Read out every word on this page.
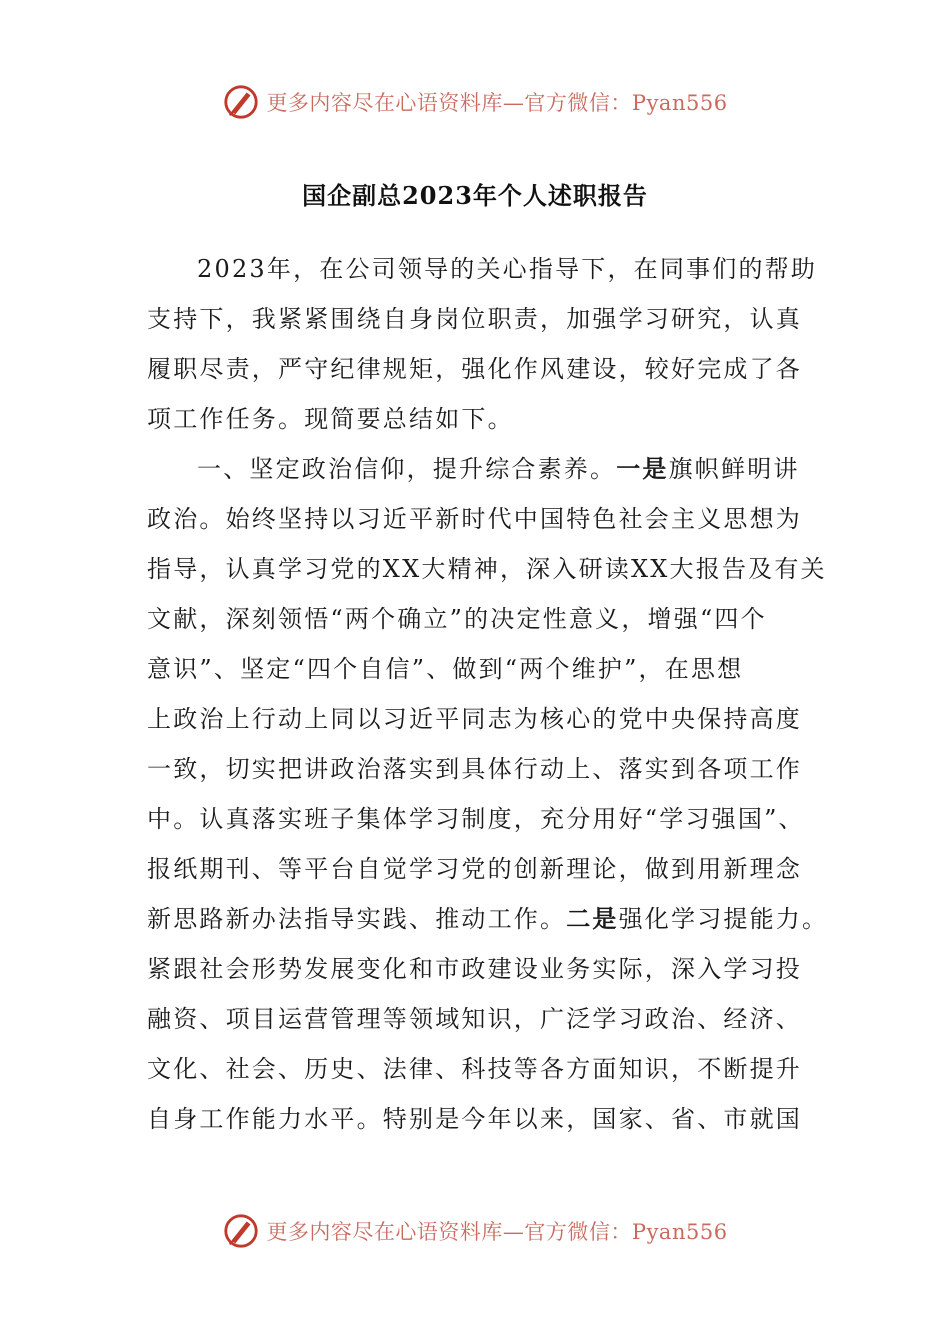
更多内容尽在心语资料库—官方微信：Pyan556
国企副总2023年个人述职报告
2023年，在公司领导的关心指导下，在同事们的帮助
支持下，我紧紧围绕自身岗位职责，加强学习研究，认真
履职尽责，严守纪律规矩，强化作风建设，较好完成了各
项工作任务。现简要总结如下。
一、坚定政治信仰，提升综合素养。一是旗帜鲜明讲
政治。始终坚持以习近平新时代中国特色社会主义思想为
指导，认真学习党的XX大精神，深入研读XX大报告及有关
文献，深刻领悟“两个确立”的决定性意义，增强“四个
意识”、坚定“四个自信”、做到“两个维护”，在思想
上政治上行动上同以习近平同志为核心的党中央保持高度
一致，切实把讲政治落实到具体行动上、落实到各项工作
中。认真落实班子集体学习制度，充分用好“学习强国”、
报纸期刊、等平台自觉学习党的创新理论，做到用新理念
新思路新办法指导实践、推动工作。二是强化学习提能力。
紧跟社会形势发展变化和市政建设业务实际，深入学习投
融资、项目运营管理等领域知识，广泛学习政治、经济、
文化、社会、历史、法律、科技等各方面知识，不断提升
自身工作能力水平。特别是今年以来，国家、省、市就国
更多内容尽在心语资料库—官方微信：Pyan556
